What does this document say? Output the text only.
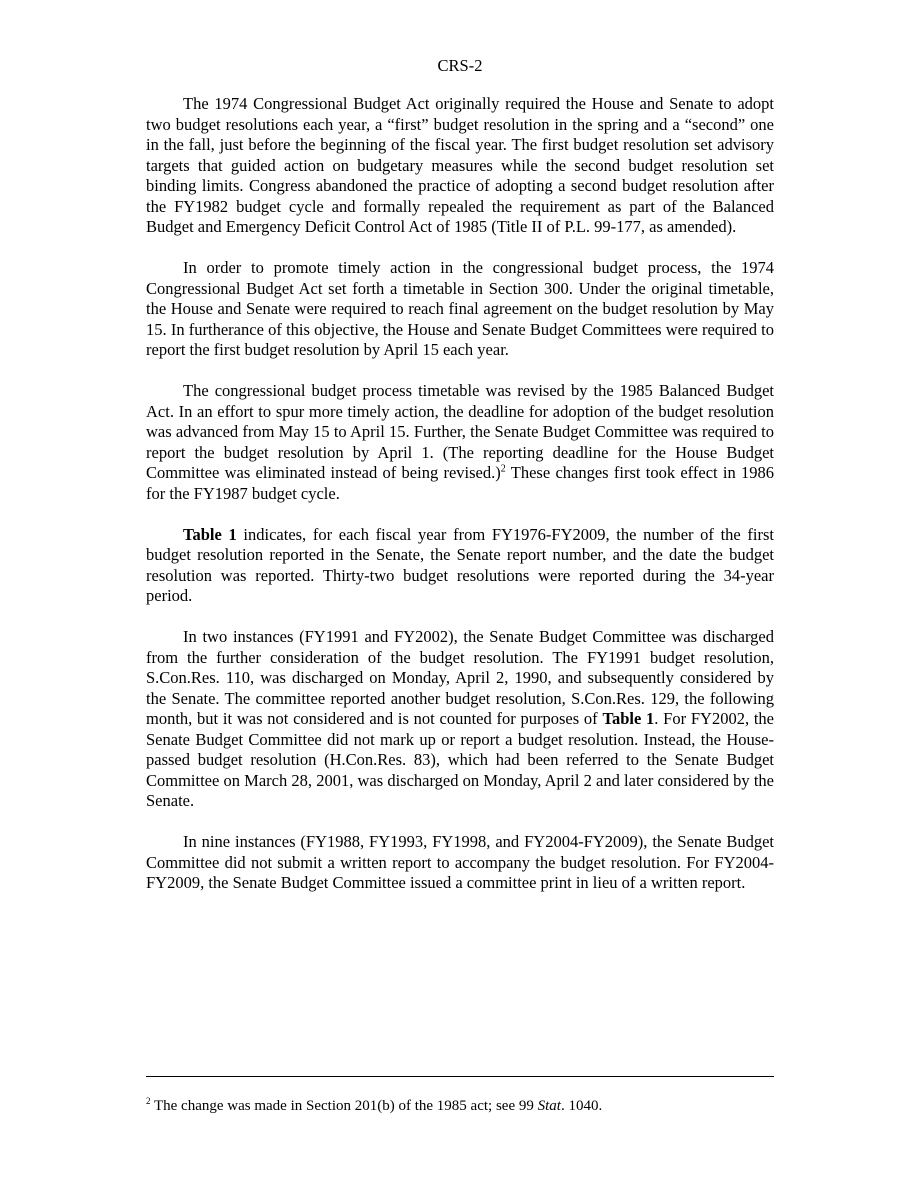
CRS-2

The 1974 Congressional Budget Act originally required the House and Senate to adopt two budget resolutions each year, a “first” budget resolution in the spring and a “second” one in the fall, just before the beginning of the fiscal year. The first budget resolution set advisory targets that guided action on budgetary measures while the second budget resolution set binding limits. Congress abandoned the practice of adopting a second budget resolution after the FY1982 budget cycle and formally repealed the requirement as part of the Balanced Budget and Emergency Deficit Control Act of 1985 (Title II of P.L. 99-177, as amended).

In order to promote timely action in the congressional budget process, the 1974 Congressional Budget Act set forth a timetable in Section 300. Under the original timetable, the House and Senate were required to reach final agreement on the budget resolution by May 15. In furtherance of this objective, the House and Senate Budget Committees were required to report the first budget resolution by April 15 each year.

The congressional budget process timetable was revised by the 1985 Balanced Budget Act. In an effort to spur more timely action, the deadline for adoption of the budget resolution was advanced from May 15 to April 15. Further, the Senate Budget Committee was required to report the budget resolution by April 1. (The reporting deadline for the House Budget Committee was eliminated instead of being revised.)$^2$ These changes first took effect in 1986 for the FY1987 budget cycle.

Table 1 indicates, for each fiscal year from FY1976-FY2009, the number of the first budget resolution reported in the Senate, the Senate report number, and the date the budget resolution was reported. Thirty-two budget resolutions were reported during the 34-year period.

In two instances (FY1991 and FY2002), the Senate Budget Committee was discharged from the further consideration of the budget resolution. The FY1991 budget resolution, S.Con.Res. 110, was discharged on Monday, April 2, 1990, and subsequently considered by the Senate. The committee reported another budget resolution, S.Con.Res. 129, the following month, but it was not considered and is not counted for purposes of Table 1. For FY2002, the Senate Budget Committee did not mark up or report a budget resolution. Instead, the House-passed budget resolution (H.Con.Res. 83), which had been referred to the Senate Budget Committee on March 28, 2001, was discharged on Monday, April 2 and later considered by the Senate.

In nine instances (FY1988, FY1993, FY1998, and FY2004-FY2009), the Senate Budget Committee did not submit a written report to accompany the budget resolution. For FY2004-FY2009, the Senate Budget Committee issued a committee print in lieu of a written report.

$^2$ The change was made in Section 201(b) of the 1985 act; see 99 Stat. 1040.
